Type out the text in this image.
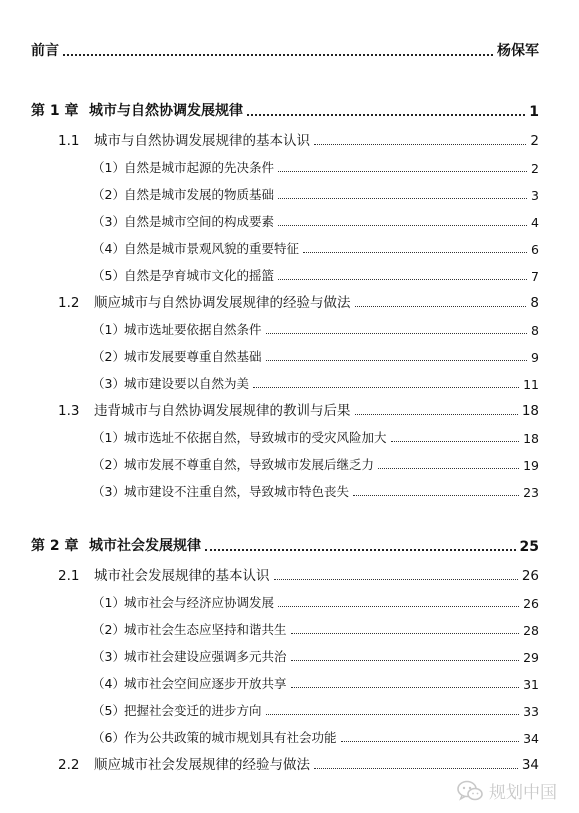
前言	杨保军
第 1 章 城市与自然协调发展规律	1
1.1	城市与自然协调发展规律的基本认识	2
（1） 自然是城市起源的先决条件	2
（2） 自然是城市发展的物质基础	3
（3） 自然是城市空间的构成要素	4
（4） 自然是城市景观风貌的重要特征	6
（5） 自然是孕育城市文化的摇篮	7
1.2	顺应城市与自然协调发展规律的经验与做法	8
（1） 城市选址要依据自然条件	8
（2） 城市发展要尊重自然基础	9
（3） 城市建设要以自然为美	11
1.3	违背城市与自然协调发展规律的教训与后果	18
（1） 城市选址不依据自然，导致城市的受灾风险加大	18
（2） 城市发展不尊重自然，导致城市发展后继乏力	19
（3） 城市建设不注重自然，导致城市特色丧失	23
第 2 章 城市社会发展规律	25
2.1	城市社会发展规律的基本认识	26
（1） 城市社会与经济应协调发展	26
（2） 城市社会生态应坚持和谐共生	28
（3） 城市社会建设应强调多元共治	29
（4） 城市社会空间应逐步开放共享	31
（5） 把握社会变迁的进步方向	33
（6） 作为公共政策的城市规划具有社会功能	34
2.2	顺应城市社会发展规律的经验与做法	34
规划中国
